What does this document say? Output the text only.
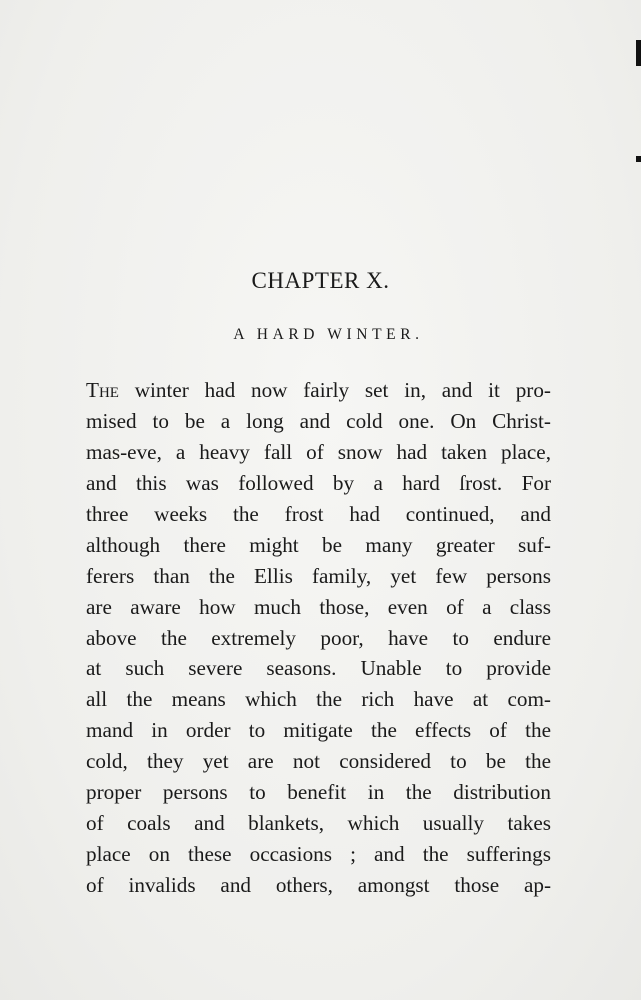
CHAPTER X.
A HARD WINTER.
The winter had now fairly set in, and it pro-
mised to be a long and cold one. On Christ-
mas-eve, a heavy fall of snow had taken place,
and this was followed by a hard ſrost. For
three weeks the frost had continued, and
although there might be many greater suf-
ferers than the Ellis family, yet few persons
are aware how much those, even of a class
above the extremely poor, have to endure
at such severe seasons. Unable to provide
all the means which the rich have at com-
mand in order to mitigate the effects of the
cold, they yet are not considered to be the
proper persons to benefit in the distribution
of coals and blankets, which usually takes
place on these occasions ; and the sufferings
of invalids and others, amongst those ap-
